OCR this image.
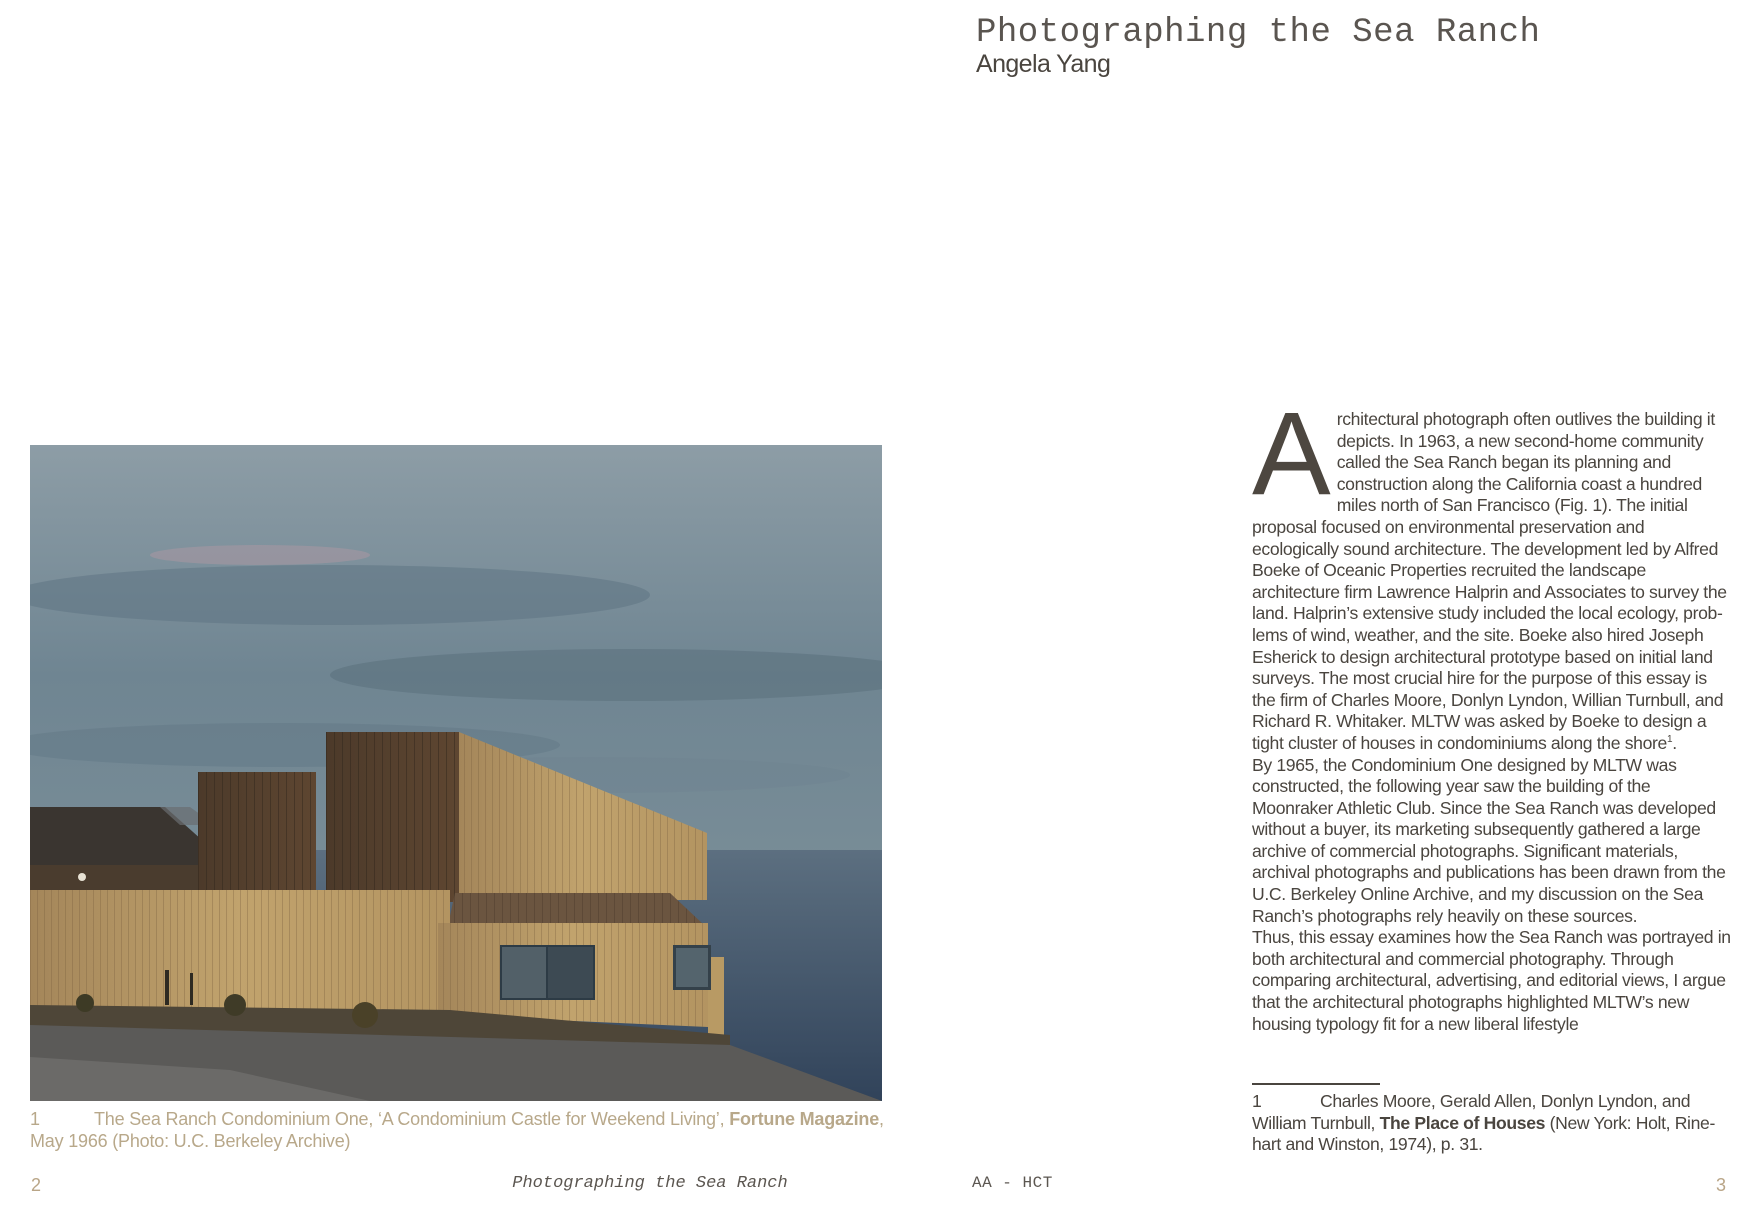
1	The Sea Ranch Condominium One, ‘A Condominium Castle for Weekend Living’, Fortune Magazine, May 1966 (Photo: U.C. Berkeley Archive)
2	Photographing the Sea Ranch	AA - HCT
Photographing the Sea Ranch
Angela Yang

Architectural photograph often outlives the building it depicts. In 1963, a new second-home community called the Sea Ranch began its planning and construction along the California coast a hundred miles north of San Francisco (Fig. 1). The initial proposal focused on environmental preservation and ecologically sound architecture. The development led by Alfred Boeke of Oceanic Properties recruited the landscape architecture firm Lawrence Halprin and Associates to survey the land. Halprin’s extensive study included the local ecology, problems of wind, weather, and the site. Boeke also hired Joseph Esherick to design architectural prototype based on initial land surveys. The most crucial hire for the purpose of this essay is the firm of Charles Moore, Donlyn Lyndon, Willian Turnbull, and Richard R. Whitaker. MLTW was asked by Boeke to design a tight cluster of houses in condominiums along the shore$^1$.

By 1965, the Condominium One designed by MLTW was constructed, the following year saw the building of the Moonraker Athletic Club. Since the Sea Ranch was developed without a buyer, its marketing subsequently gathered a large archive of commercial photographs. Significant materials, archival photographs and publications has been drawn from the U.C. Berkeley Online Archive, and my discussion on the Sea Ranch’s photographs rely heavily on these sources.

Thus, this essay examines how the Sea Ranch was portrayed in both architectural and commercial photography. Through comparing architectural, advertising, and editorial views, I argue that the architectural photographs highlighted MLTW’s new housing typology fit for a new liberal lifestyle

1	Charles Moore, Gerald Allen, Donlyn Lyndon, and William Turnbull, The Place of Houses (New York: Holt, Rinehart and Winston, 1974), p. 31.
3
